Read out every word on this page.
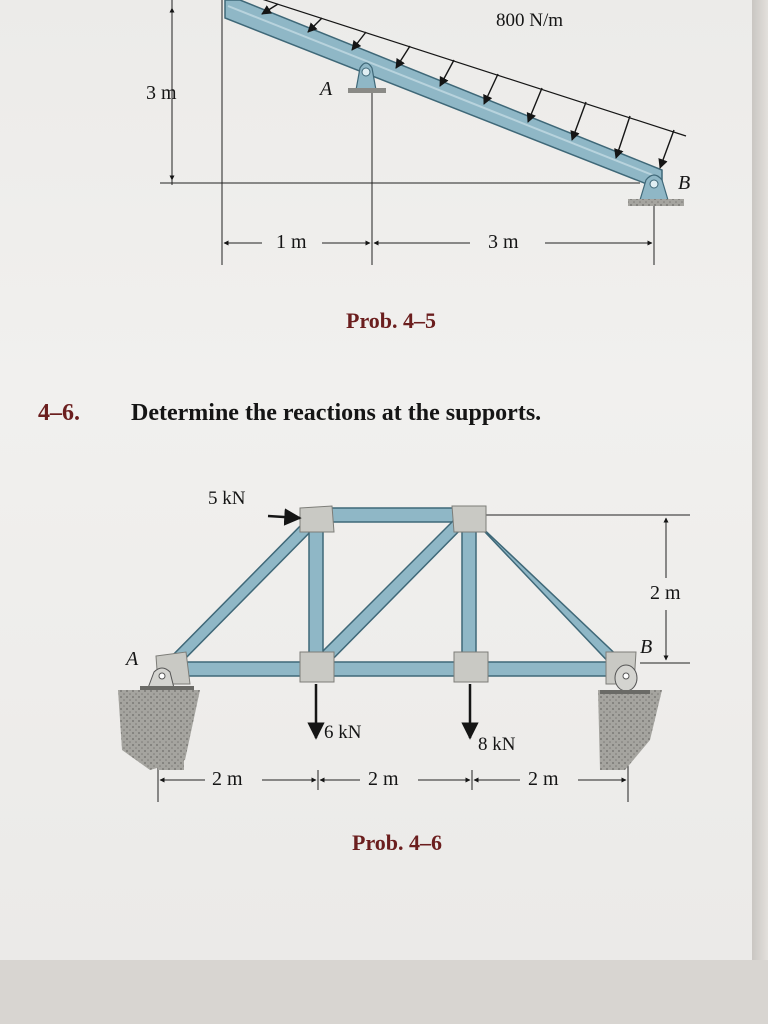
800 N/m
A
B
3 m
1 m	3 m
Prob. 4–5
4–6. Determine the reactions at the supports.
5 kN
6 kN
8 kN
A
B
2 m
2 m	2 m	2 m
Prob. 4–6
